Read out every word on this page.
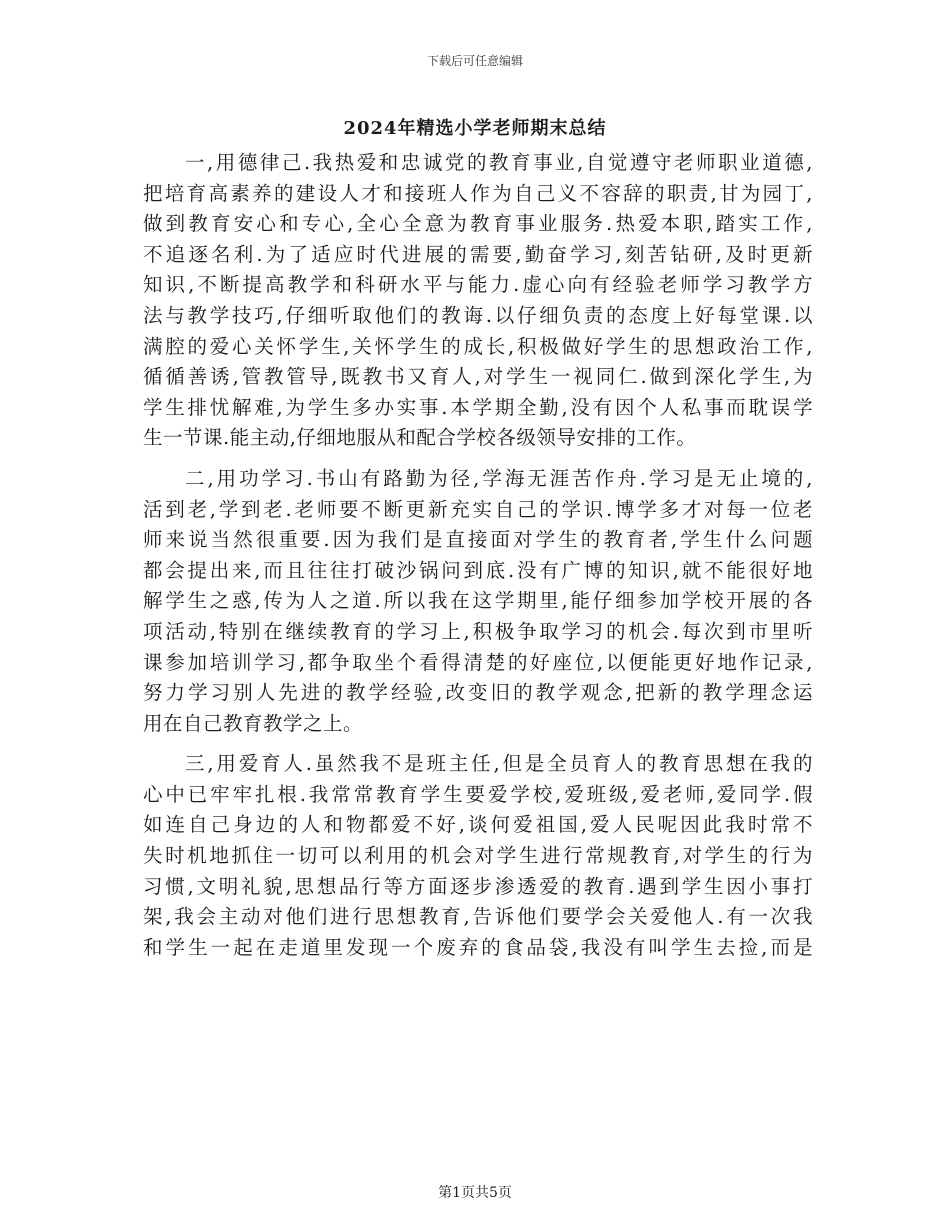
下载后可任意编辑
2024年精选小学老师期末总结
一,用德律己.我热爱和忠诚党的教育事业,自觉遵守老师职业道德,
把培育高素养的建设人才和接班人作为自己义不容辞的职责,甘为园丁,
做到教育安心和专心,全心全意为教育事业服务.热爱本职,踏实工作,
不追逐名利.为了适应时代进展的需要,勤奋学习,刻苦钻研,及时更新
知识,不断提高教学和科研水平与能力.虚心向有经验老师学习教学方
法与教学技巧,仔细听取他们的教诲.以仔细负责的态度上好每堂课.以
满腔的爱心关怀学生,关怀学生的成长,积极做好学生的思想政治工作,
循循善诱,管教管导,既教书又育人,对学生一视同仁.做到深化学生,为
学生排忧解难,为学生多办实事.本学期全勤,没有因个人私事而耽误学
生一节课.能主动,仔细地服从和配合学校各级领导安排的工作。
二,用功学习.书山有路勤为径,学海无涯苦作舟.学习是无止境的,
活到老,学到老.老师要不断更新充实自己的学识.博学多才对每一位老
师来说当然很重要.因为我们是直接面对学生的教育者,学生什么问题
都会提出来,而且往往打破沙锅问到底.没有广博的知识,就不能很好地
解学生之惑,传为人之道.所以我在这学期里,能仔细参加学校开展的各
项活动,特别在继续教育的学习上,积极争取学习的机会.每次到市里听
课参加培训学习,都争取坐个看得清楚的好座位,以便能更好地作记录,
努力学习别人先进的教学经验,改变旧的教学观念,把新的教学理念运
用在自己教育教学之上。
三,用爱育人.虽然我不是班主任,但是全员育人的教育思想在我的
心中已牢牢扎根.我常常教育学生要爱学校,爱班级,爱老师,爱同学.假
如连自己身边的人和物都爱不好,谈何爱祖国,爱人民呢因此我时常不
失时机地抓住一切可以利用的机会对学生进行常规教育,对学生的行为
习惯,文明礼貌,思想品行等方面逐步渗透爱的教育.遇到学生因小事打
架,我会主动对他们进行思想教育,告诉他们要学会关爱他人.有一次我
和学生一起在走道里发现一个废弃的食品袋,我没有叫学生去捡,而是
第1页共5页
